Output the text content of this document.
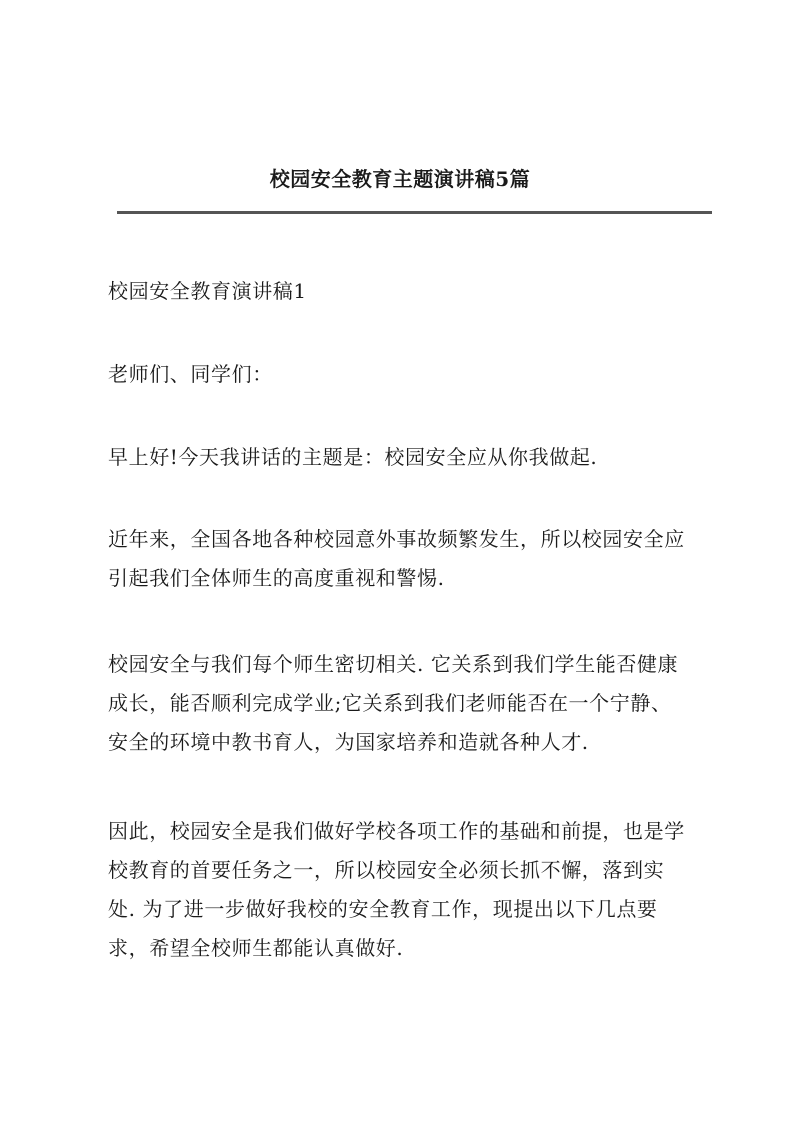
校园安全教育主题演讲稿5篇

校园安全教育演讲稿1

老师们、同学们：

早上好!今天我讲话的主题是：校园安全应从你我做起.

近年来，全国各地各种校园意外事故频繁发生，所以校园安全应
引起我们全体师生的高度重视和警惕.

校园安全与我们每个师生密切相关. 它关系到我们学生能否健康
成长，能否顺利完成学业;它关系到我们老师能否在一个宁静、
安全的环境中教书育人，为国家培养和造就各种人才.

因此，校园安全是我们做好学校各项工作的基础和前提，也是学
校教育的首要任务之一，所以校园安全必须长抓不懈，落到实
处. 为了进一步做好我校的安全教育工作，现提出以下几点要
求，希望全校师生都能认真做好.
